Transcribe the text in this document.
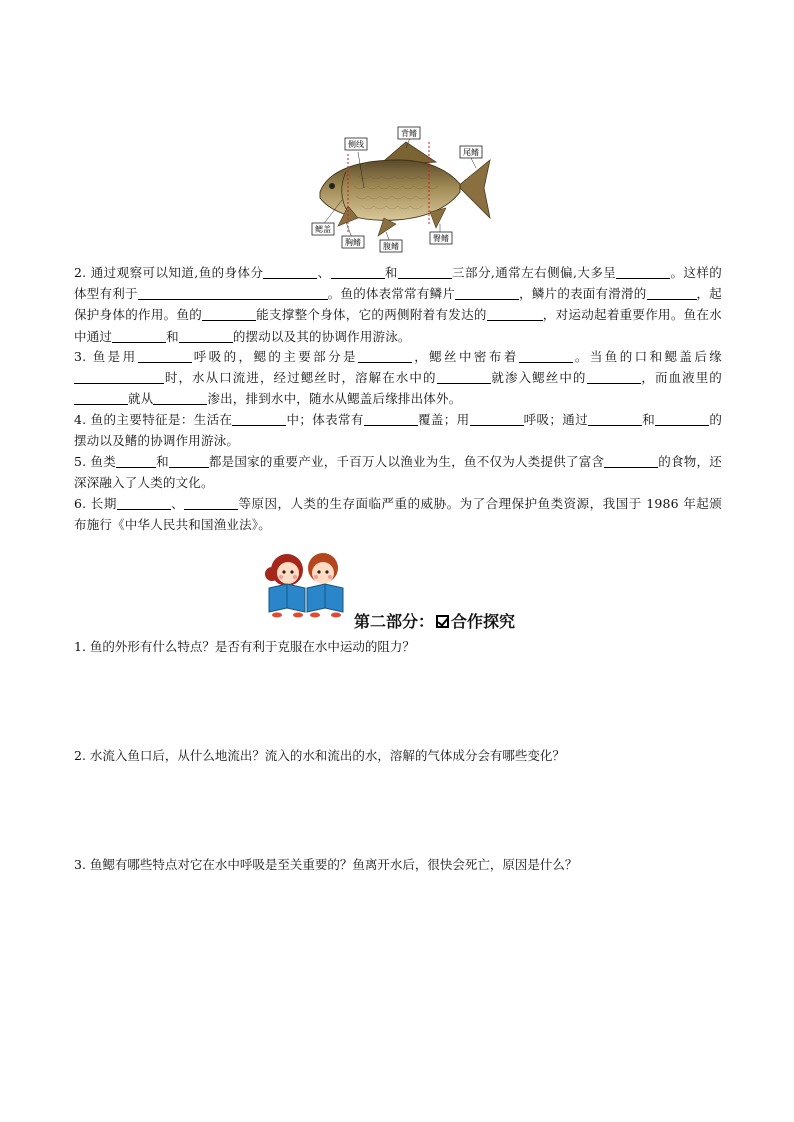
侧线
背鳍
尾鳍
鳃盖
胸鳍	腹鳍
臀鳍
2. 通过观察可以知道,鱼的身体分	、	和	三部分,通常左右侧偏,大多呈	。这样的体型有利于	。鱼的体表常常有鳞片	，鳞片的表面有滑滑的	，起保护身体的作用。鱼的	能支撑整个身体，它的两侧附着有发达的	，对运动起着重要作用。鱼在水中通过	和	的摆动以及其的协调作用游泳。
3. 鱼是用	呼吸的，鳃的主要部分是	，鳃丝中密布着	。当鱼的口和鳃盖后缘时，水从口流进，经过鳃丝时，溶解在水中的	就渗入鳃丝中的	，而血液里的就从	渗出，排到水中，随水从鳃盖后缘排出体外。
4. 鱼的主要特征是：生活在	中；体表常有	覆盖；用	呼吸；通过	和	的摆动以及鳍的协调作用游泳。
5. 鱼类	和	都是国家的重要产业，千百万人以渔业为生，鱼不仅为人类提供了富含	的食物，还深深融入了人类的文化。
6. 长期	、	等原因，人类的生存面临严重的威胁。为了合理保护鱼类资源，我国于 1986 年起颁布施行《中华人民共和国渔业法》。
第二部分： 合作探究
1. 鱼的外形有什么特点？是否有利于克服在水中运动的阻力？
2. 水流入鱼口后，从什么地流出？流入的水和流出的水，溶解的气体成分会有哪些变化？
3. 鱼鳃有哪些特点对它在水中呼吸是至关重要的？鱼离开水后，很快会死亡，原因是什么？
